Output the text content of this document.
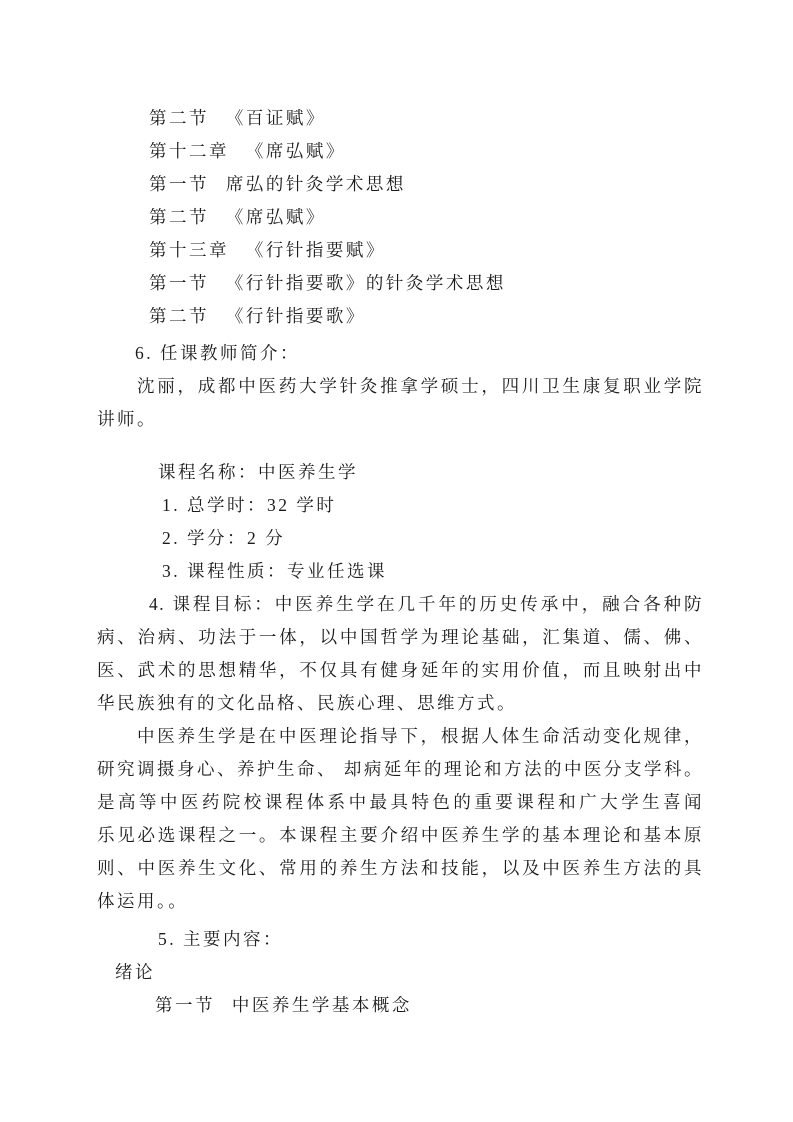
第二节 《百证赋》
第十二章 《席弘赋》
第一节 席弘的针灸学术思想
第二节 《席弘赋》
第十三章 《行针指要赋》
第一节 《行针指要歌》的针灸学术思想
第二节 《行针指要歌》
6. 任课教师简介：
沈丽，成都中医药大学针灸推拿学硕士，四川卫生康复职业学院
讲师。
课程名称：中医养生学
1. 总学时：32 学时
2. 学分：2 分
3. 课程性质：专业任选课
4. 课程目标：中医养生学在几千年的历史传承中，融合各种防
病、治病、功法于一体，以中国哲学为理论基础，汇集道、儒、佛、
医、武术的思想精华，不仅具有健身延年的实用价值，而且映射出中
华民族独有的文化品格、民族心理、思维方式。
中医养生学是在中医理论指导下，根据人体生命活动变化规律，
研究调摄身心、养护生命、 却病延年的理论和方法的中医分支学科。
是高等中医药院校课程体系中最具特色的重要课程和广大学生喜闻
乐见必选课程之一。本课程主要介绍中医养生学的基本理论和基本原
则、中医养生文化、常用的养生方法和技能，以及中医养生方法的具
体运用。。
5. 主要内容：
绪论
第一节 中医养生学基本概念
